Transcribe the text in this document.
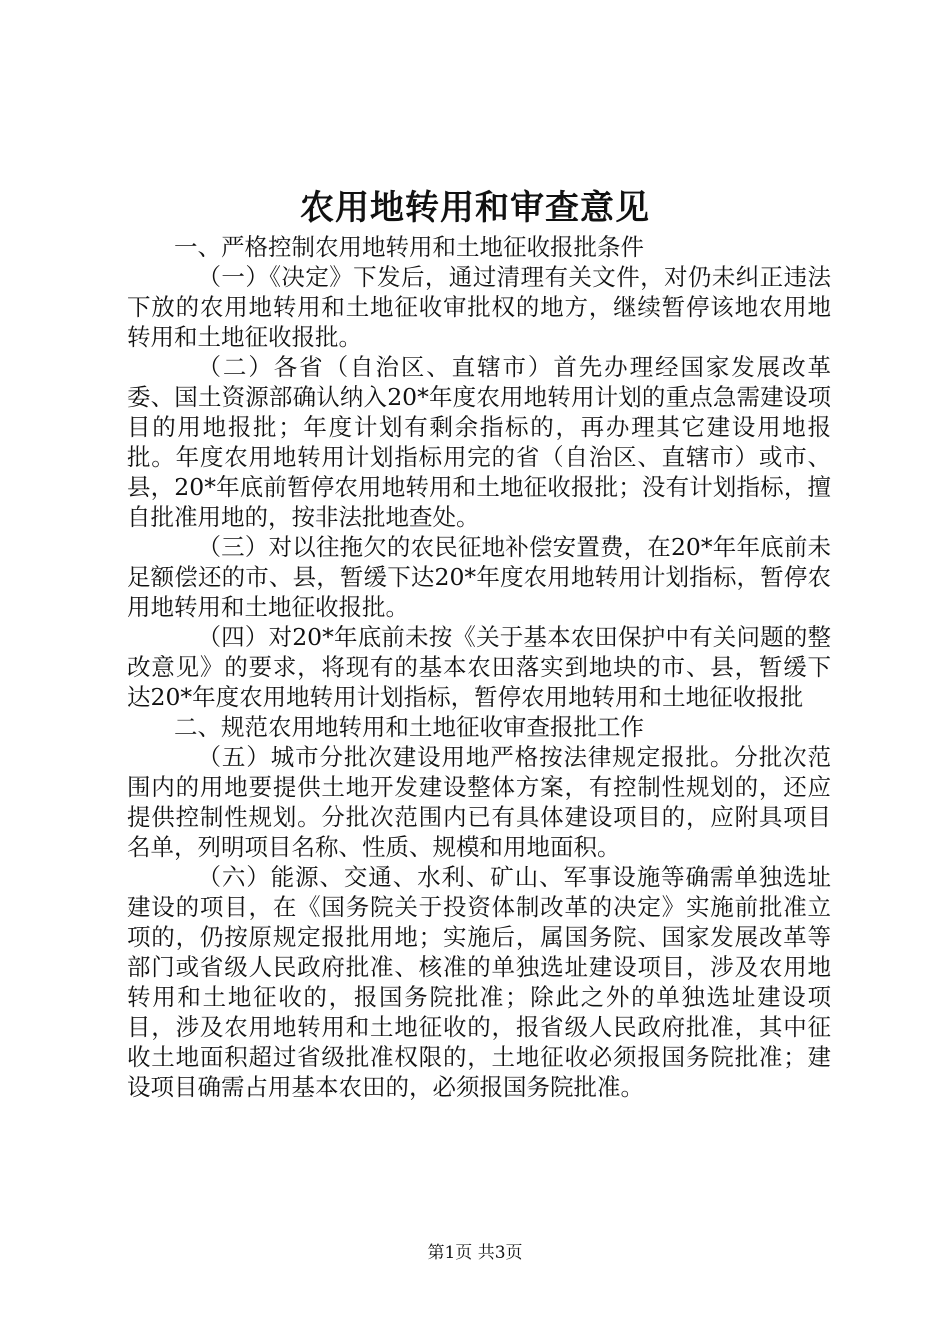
农用地转用和审查意见

一、严格控制农用地转用和土地征收报批条件

（一）《决定》下发后，通过清理有关文件，对仍未纠正违法下放的农用地转用和土地征收审批权的地方，继续暂停该地农用地转用和土地征收报批。

（二）各省（自治区、直辖市）首先办理经国家发展改革委、国土资源部确认纳入20*年度农用地转用计划的重点急需建设项目的用地报批；年度计划有剩余指标的，再办理其它建设用地报批。年度农用地转用计划指标用完的省（自治区、直辖市）或市、县，20*年底前暂停农用地转用和土地征收报批；没有计划指标，擅自批准用地的，按非法批地查处。

（三）对以往拖欠的农民征地补偿安置费，在20*年年底前未足额偿还的市、县，暂缓下达20*年度农用地转用计划指标，暂停农用地转用和土地征收报批。

（四）对20*年底前未按《关于基本农田保护中有关问题的整改意见》的要求，将现有的基本农田落实到地块的市、县，暂缓下达20*年度农用地转用计划指标，暂停农用地转用和土地征收报批

二、规范农用地转用和土地征收审查报批工作

（五）城市分批次建设用地严格按法律规定报批。分批次范围内的用地要提供土地开发建设整体方案，有控制性规划的，还应提供控制性规划。分批次范围内已有具体建设项目的，应附具项目名单，列明项目名称、性质、规模和用地面积。

（六）能源、交通、水利、矿山、军事设施等确需单独选址建设的项目，在《国务院关于投资体制改革的决定》实施前批准立项的，仍按原规定报批用地；实施后，属国务院、国家发展改革等部门或省级人民政府批准、核准的单独选址建设项目，涉及农用地转用和土地征收的，报国务院批准；除此之外的单独选址建设项目，涉及农用地转用和土地征收的，报省级人民政府批准，其中征收土地面积超过省级批准权限的，土地征收必须报国务院批准；建设项目确需占用基本农田的，必须报国务院批准。

第1页 共3页
